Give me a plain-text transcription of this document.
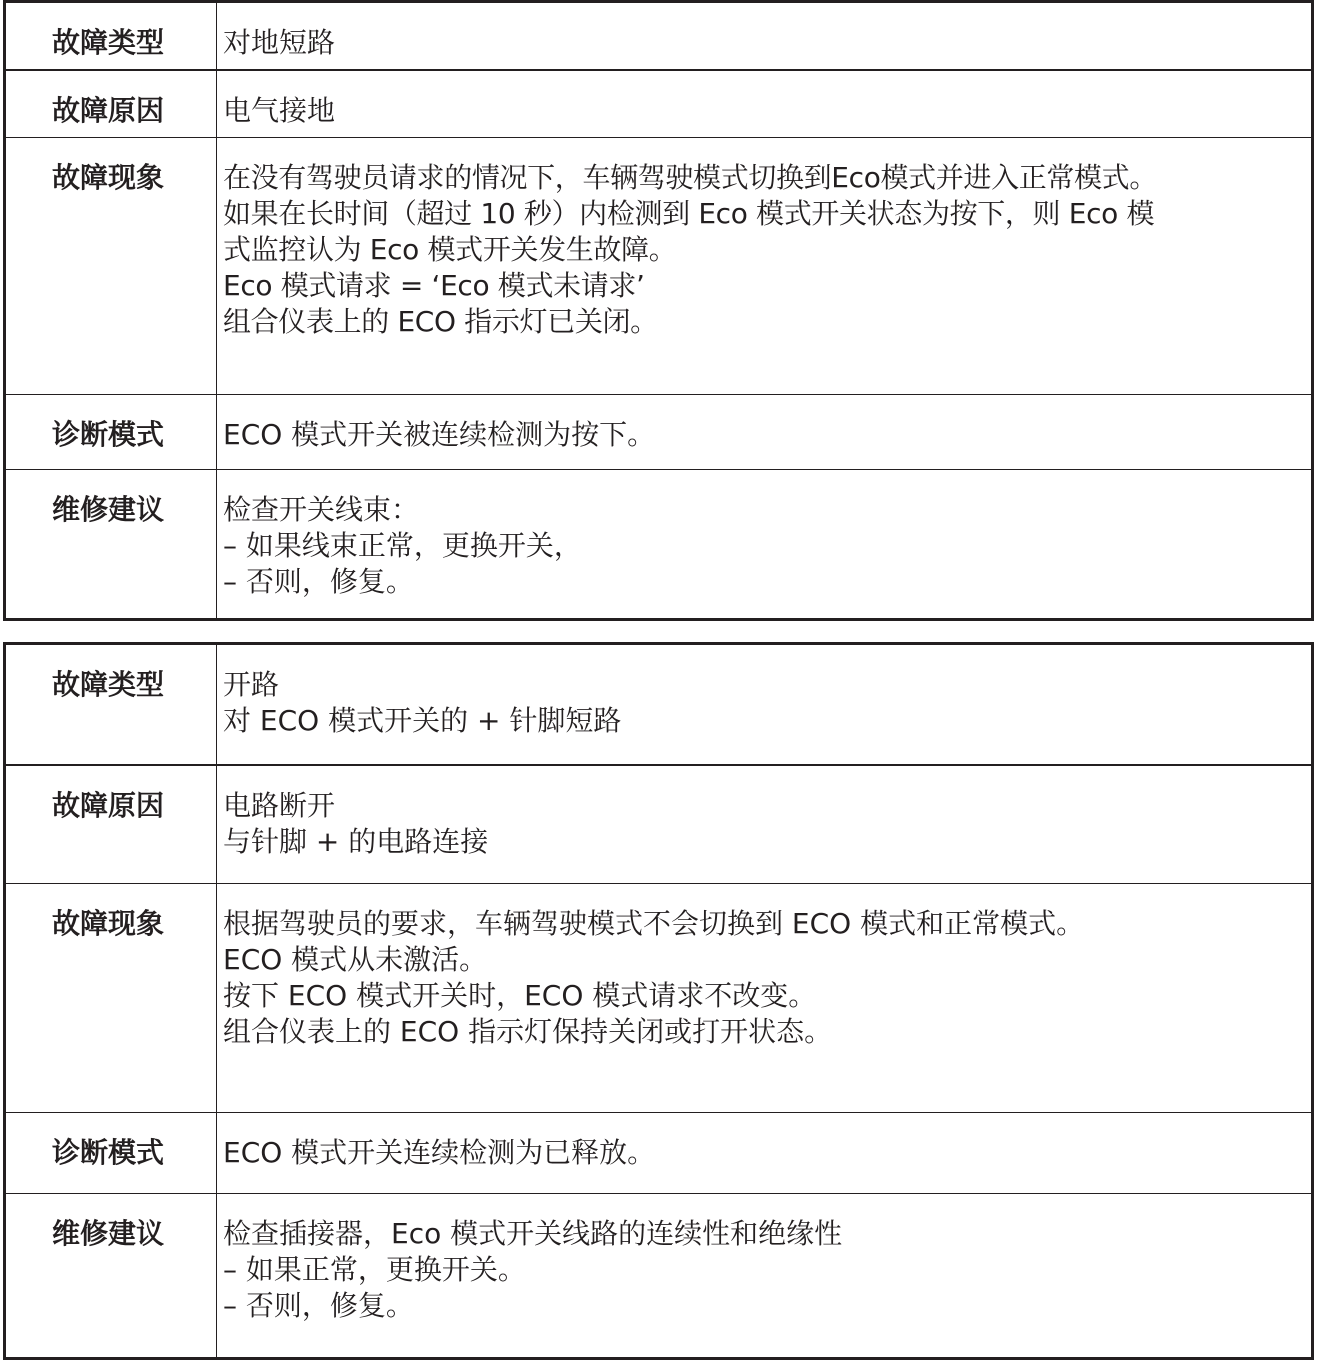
故障类型	对地短路
故障原因	电气接地
故障现象	在没有驾驶员请求的情况下，车辆驾驶模式切换到Eco模式并进入正常模式。
如果在长时间（超过 10 秒）内检测到 Eco 模式开关状态为按下，则 Eco 模
式监控认为 Eco 模式开关发生故障。
Eco 模式请求 = ‘Eco 模式未请求’
组合仪表上的 ECO 指示灯已关闭。
诊断模式	ECO 模式开关被连续检测为按下。
维修建议	检查开关线束：
– 如果线束正常，更换开关，
– 否则，修复。
故障类型	开路
对 ECO 模式开关的 + 针脚短路
故障原因	电路断开
与针脚 + 的电路连接
故障现象	根据驾驶员的要求，车辆驾驶模式不会切换到 ECO 模式和正常模式。
ECO 模式从未激活。
按下 ECO 模式开关时，ECO 模式请求不改变。
组合仪表上的 ECO 指示灯保持关闭或打开状态。
诊断模式	ECO 模式开关连续检测为已释放。
维修建议	检查插接器，Eco 模式开关线路的连续性和绝缘性
– 如果正常，更换开关。
– 否则，修复。
